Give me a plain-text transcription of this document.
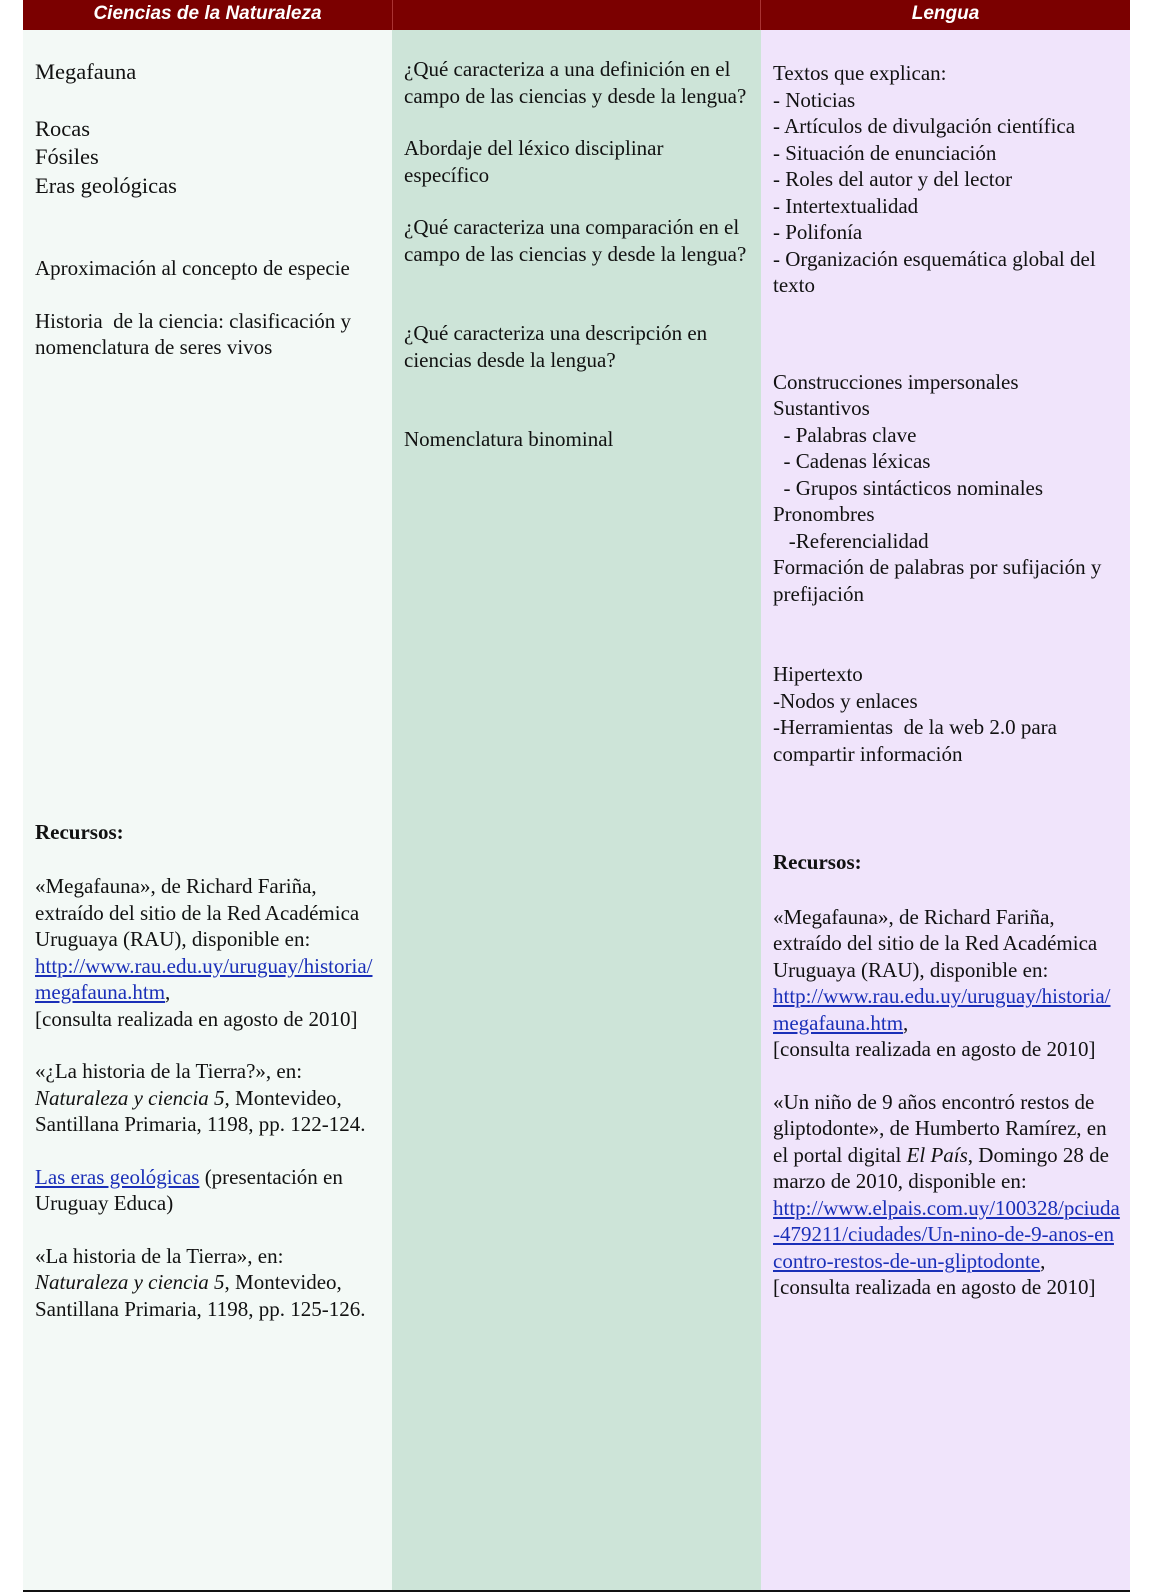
Ciencias de la Naturaleza	Lengua

Megafauna

Rocas

Fósiles

Eras geológicas

Aproximación al concepto de especie

Historia  de la ciencia: clasificación y nomenclatura de seres vivos

Recursos:

«Megafauna», de Richard Fariña, extraído del sitio de la Red Académica Uruguaya (RAU), disponible en:
http://www.rau.edu.uy/uruguay/historia/megafauna.htm,
[consulta realizada en agosto de 2010]

«¿La historia de la Tierra?», en: Naturaleza y ciencia 5, Montevideo, Santillana Primaria, 1198, pp. 122-124.

Las eras geológicas (presentación en Uruguay Educa)

«La historia de la Tierra», en: Naturaleza y ciencia 5, Montevideo, Santillana Primaria, 1198, pp. 125-126.

¿Qué caracteriza a una definición en el campo de las ciencias y desde la lengua?

Abordaje del léxico disciplinar específico

¿Qué caracteriza una comparación en el campo de las ciencias y desde la lengua?

¿Qué caracteriza una descripción en ciencias desde la lengua?

Nomenclatura binominal

Textos que explican:

- Noticias

- Artículos de divulgación científica

- Situación de enunciación

- Roles del autor y del lector

- Intertextualidad

- Polifonía

- Organización esquemática global del texto

Construcciones impersonales

Sustantivos

- Palabras clave

- Cadenas léxicas

- Grupos sintácticos nominales

Pronombres

-Referencialidad

Formación de palabras por sufijación y prefijación

Hipertexto

-Nodos y enlaces

-Herramientas  de la web 2.0 para compartir información

Recursos:

«Megafauna», de Richard Fariña, extraído del sitio de la Red Académica Uruguaya (RAU), disponible en:
http://www.rau.edu.uy/uruguay/historia/megafauna.htm,
[consulta realizada en agosto de 2010]

«Un niño de 9 años encontró restos de gliptodonte», de Humberto Ramírez, en el portal digital El País, Domingo 28 de marzo de 2010, disponible en:
http://www.elpais.com.uy/100328/pciuda-479211/ciudades/Un-nino-de-9-anos-encontro-restos-de-un-gliptodonte,
[consulta realizada en agosto de 2010]
